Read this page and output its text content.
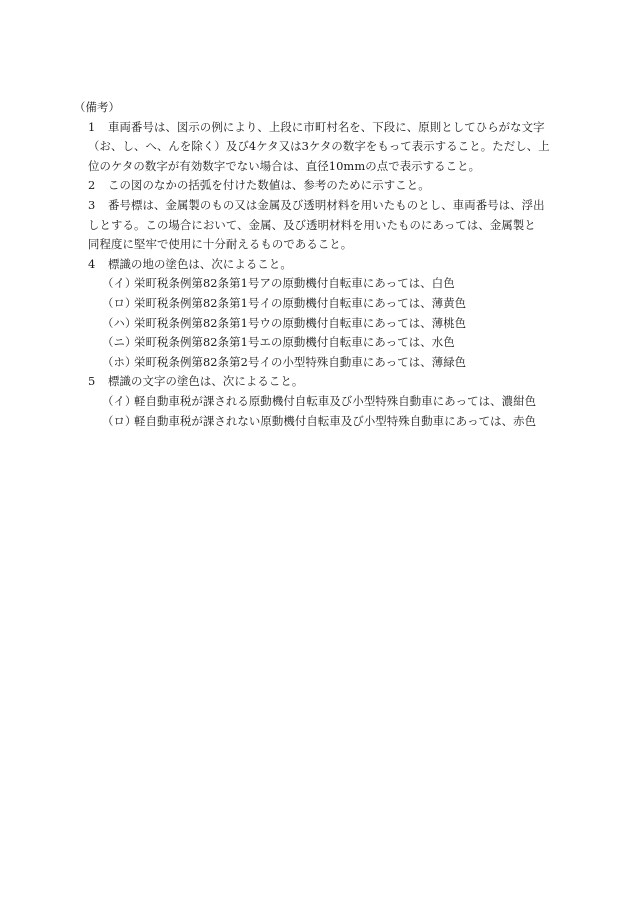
（備考）
1 車両番号は、図示の例により、上段に市町村名を、下段に、原則としてひらがな文字
（お、し、へ、んを除く）及び4ケタ又は3ケタの数字をもって表示すること。ただし、上
位のケタの数字が有効数字でない場合は、直径10mmの点で表示すること。
2 この図のなかの括弧を付けた数値は、参考のために示すこと。
3 番号標は、金属製のもの又は金属及び透明材料を用いたものとし、車両番号は、浮出
しとする。この場合において、金属、及び透明材料を用いたものにあっては、金属製と
同程度に堅牢で使用に十分耐えるものであること。
4 標識の地の塗色は、次によること。
（イ）
栄町税条例第82条第1号アの原動機付自転車にあっては、白色
（ロ）
栄町税条例第82条第1号イの原動機付自転車にあっては、薄黄色
（ハ）
栄町税条例第82条第1号ウの原動機付自転車にあっては、薄桃色
（ニ）
栄町税条例第82条第1号エの原動機付自転車にあっては、水色
（ホ）
栄町税条例第82条第2号イの小型特殊自動車にあっては、薄緑色
5 標識の文字の塗色は、次によること。
（イ）
軽自動車税が課される原動機付自転車及び小型特殊自動車にあっては、濃紺色
（ロ）
軽自動車税が課されない原動機付自転車及び小型特殊自動車にあっては、赤色
